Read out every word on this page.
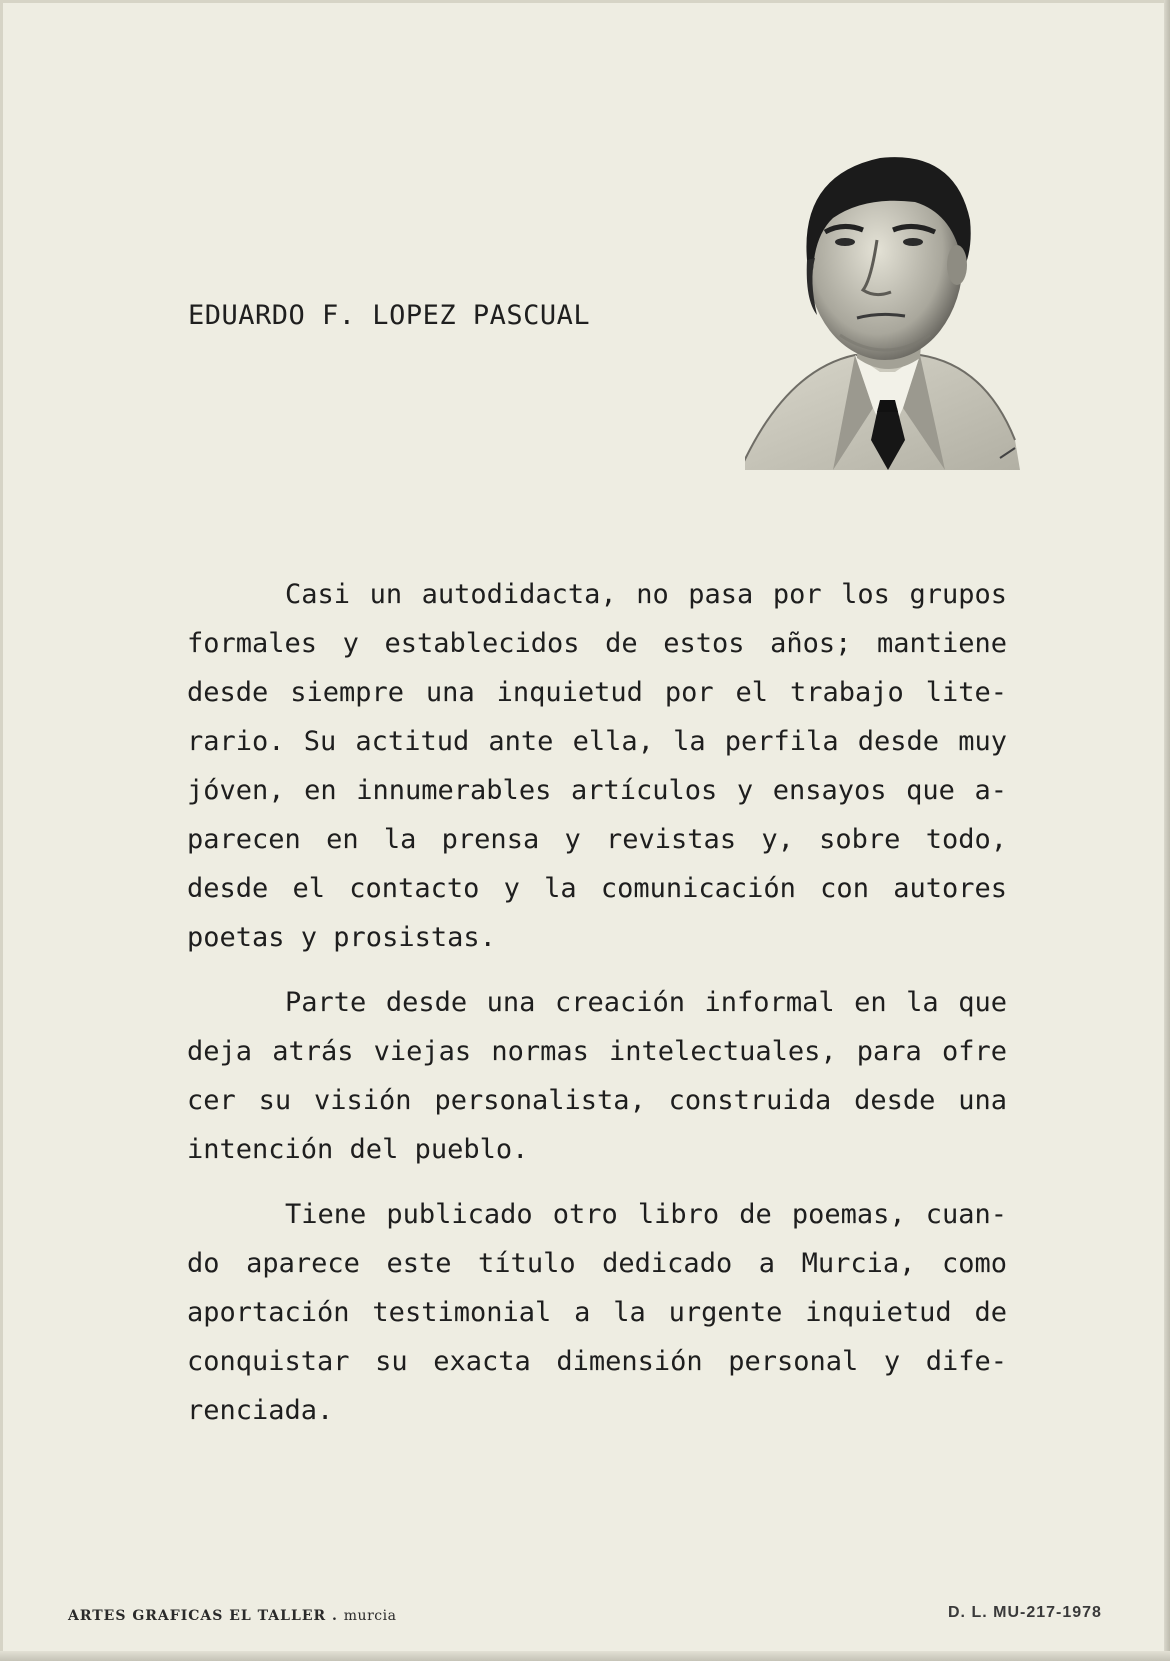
EDUARDO F. LOPEZ PASCUAL
Casi un autodidacta, no pasa por los grupos
formales y establecidos de estos años; mantiene
desde siempre una inquietud por el trabajo lite-
rario. Su actitud ante ella, la perfila desde muy
jóven, en innumerables artículos y ensayos que a-
parecen en la prensa y revistas y, sobre todo,
desde el contacto y la comunicación con autores
poetas y prosistas.
Parte desde una creación informal en la que
deja atrás viejas normas intelectuales, para ofre
cer su visión personalista, construida desde una
intención del pueblo.
Tiene publicado otro libro de poemas, cuan-
do aparece este título dedicado a Murcia, como
aportación testimonial a la urgente inquietud de
conquistar su exacta dimensión personal y dife-
renciada.
ARTES GRAFICAS EL TALLER . murcia	D. L. MU-217-1978
